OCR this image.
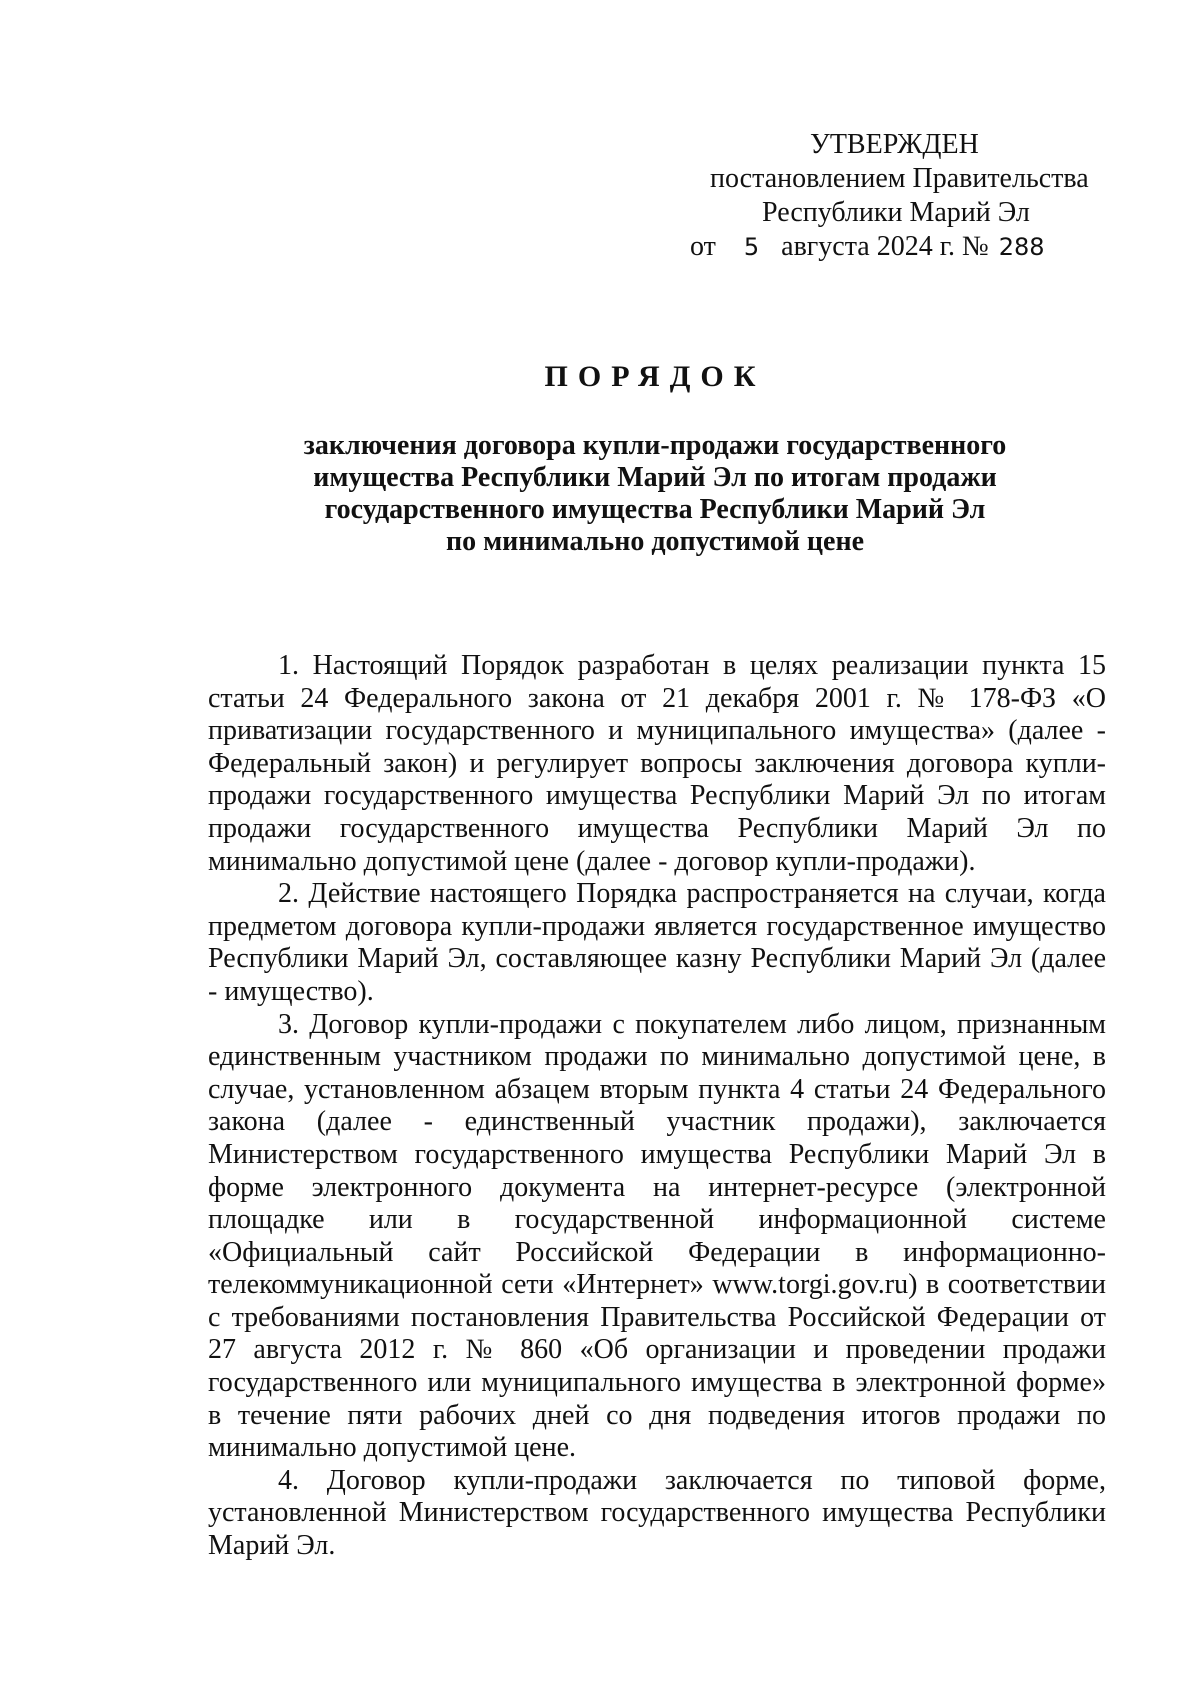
УТВЕРЖДЕН
постановлением Правительства
Республики Марий Эл
от 5 августа 2024 г. № 288
ПОРЯДОК
заключения договора купли-продажи государственного
имущества Республики Марий Эл по итогам продажи
государственного имущества Республики Марий Эл
по минимально допустимой цене

1. Настоящий Порядок разработан в целях реализации пункта 15 статьи 24 Федерального закона от 21 декабря 2001 г. № 178-ФЗ «О приватизации государственного и муниципального имущества» (далее - Федеральный закон) и регулирует вопросы заключения договора купли-продажи государственного имущества Республики Марий Эл по итогам продажи государственного имущества Республики Марий Эл по минимально допустимой цене (далее - договор купли-продажи).

2. Действие настоящего Порядка распространяется на случаи, когда предметом договора купли-продажи является государственное имущество Республики Марий Эл, составляющее казну Республики Марий Эл (далее - имущество).

3. Договор купли-продажи с покупателем либо лицом, признанным единственным участником продажи по минимально допустимой цене, в случае, установленном абзацем вторым пункта 4 статьи 24 Федерального закона (далее - единственный участник продажи), заключается Министерством государственного имущества Республики Марий Эл в форме электронного документа на интернет-ресурсе (электронной площадке или в государственной информационной системе «Официальный сайт Российской Федерации в информационно-телекоммуникационной сети «Интернет» www.torgi.gov.ru) в соответствии с требованиями постановления Правительства Российской Федерации от 27 августа 2012 г. № 860 «Об организации и проведении продажи государственного или муниципального имущества в электронной форме» в течение пяти рабочих дней со дня подведения итогов продажи по минимально допустимой цене.

4. Договор купли-продажи заключается по типовой форме, установленной Министерством государственного имущества Республики Марий Эл.
